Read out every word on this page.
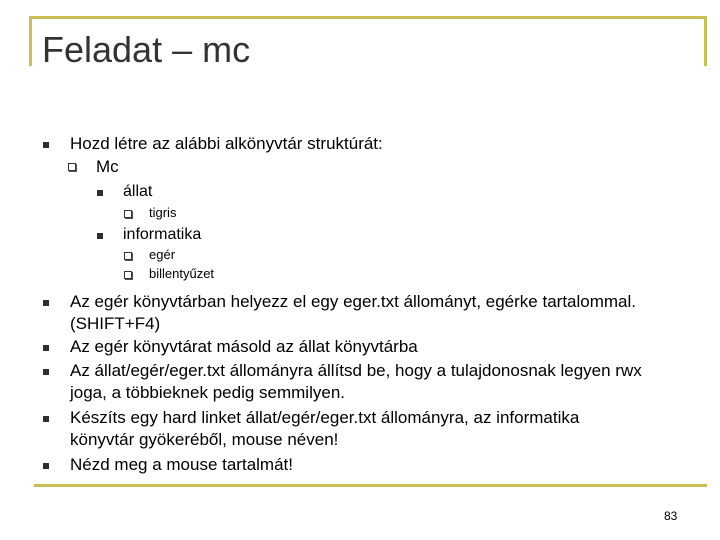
Feladat – mc
Hozd létre az alábbi alkönyvtár struktúrát:
Mc
állat
tigris
informatika
egér
billentyűzet
Az egér könyvtárban helyezz el egy eger.txt állományt, egérke tartalommal.
(SHIFT+F4)
Az egér könyvtárat másold az állat könyvtárba
Az állat/egér/eger.txt állományra állítsd be, hogy a tulajdonosnak legyen rwx
joga, a többieknek pedig semmilyen.
Készíts egy hard linket állat/egér/eger.txt állományra, az informatika
könyvtár gyökeréből, mouse néven!
Nézd meg a mouse tartalmát!
83
